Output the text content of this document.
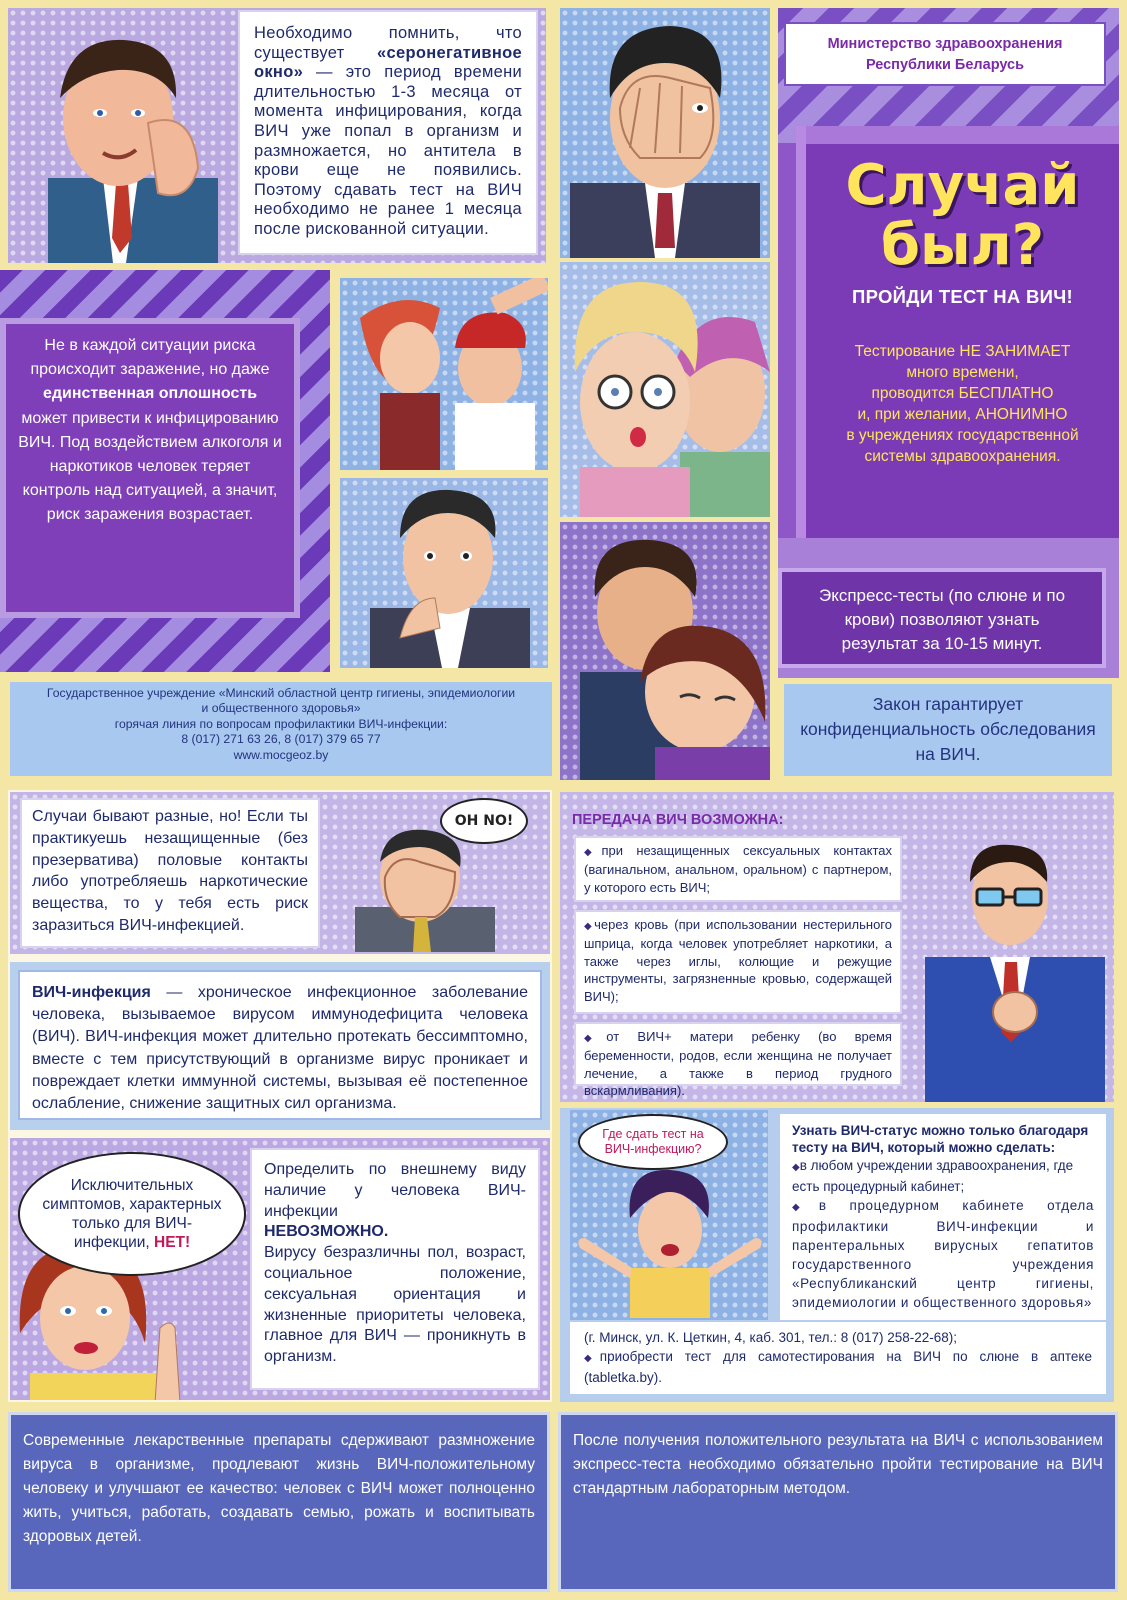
Необходимо помнить, что существует «серонегативное окно» — это период времени длительностью 1-3 месяца от момента инфицирования, когда ВИЧ уже попал в организм и размножается, но антитела в крови еще не появились. Поэтому сдавать тест на ВИЧ необходимо не ранее 1 месяца после рискованной ситуации.

Министерство здравоохранения
Республики Беларусь
Случай
был?
ПРОЙДИ ТЕСТ НА ВИЧ!
Тестирование НЕ ЗАНИМАЕТ
много времени,
проводится БЕСПЛАТНО
и, при желании, АНОНИМНО
в учреждениях государственной
системы здравоохранения.
Экспресс-тесты (по слюне и по крови) позволяют узнать результат за 10-15 минут.
Закон гарантирует конфиденциальность обследования на ВИЧ.
Не в каждой ситуации риска происходит заражение, но даже
единственная оплошность
может привести к инфицированию ВИЧ. Под воздействием алкоголя и наркотиков человек теряет контроль над ситуацией, а значит, риск заражения возрастает.
Государственное учреждение «Минский областной центр гигиены, эпидемиологии
и общественного здоровья»
горячая линия по вопросам профилактики ВИЧ-инфекции:
8 (017) 271 63 26, 8 (017) 379 65 77
www.mocgeoz.by

Случаи бывают разные, но! Если ты практикуешь незащищенные (без презерватива) половые контакты либо употребляешь наркотические вещества, то у тебя есть риск заразиться ВИЧ-инфекцией.

OH NO!

ВИЧ-инфекция — хроническое инфекционное заболевание человека, вызываемое вирусом иммунодефицита человека (ВИЧ). ВИЧ-инфекция может длительно протекать бессимптомно, вместе с тем присутствующий в организме вирус проникает и повреждает клетки иммунной системы, вызывая её постепенное ослабление, снижение защитных сил организма.

Исключительных симптомов, характерных только для ВИЧ-инфекции, НЕТ!

Определить по внешнему виду наличие у человека ВИЧ-инфекции
НЕВОЗМОЖНО.
Вирусу безразличны пол, возраст, социальное положение, сексуальная ориентация и жизненные приоритеты человека, главное для ВИЧ — проникнуть в организм.

ПЕРЕДАЧА ВИЧ ВОЗМОЖНА:
◆ при незащищенных сексуальных контактах (вагинальном, анальном, оральном) с партнером, у которого есть ВИЧ;
◆ через кровь (при использовании нестерильного шприца, когда человек употребляет наркотики, а также через иглы, колющие и режущие инструменты, загрязненные кровью, содержащей ВИЧ);
◆ от ВИЧ+ матери ребенку (во время беременности, родов, если женщина не получает лечение, а также в период грудного вскармливания).
Где сдать тест на ВИЧ-инфекцию?

Узнать ВИЧ-статус можно только благодаря тесту на ВИЧ, который можно сделать:

◆ в любом учреждении здравоохранения, где есть процедурный кабинет;

◆ в процедурном кабинете отдела профилактики ВИЧ-инфекции и парентеральных вирусных гепатитов государственного учреждения «Республиканский центр гигиены, эпидемиологии и общественного здоровья»

(г. Минск, ул. К. Цеткин, 4, каб. 301, тел.: 8 (017) 258-22-68);

◆ приобрести тест для самотестирования на ВИЧ по слюне в аптеке (tabletka.by).

Современные лекарственные препараты сдерживают размножение вируса в организме, продлевают жизнь ВИЧ-положительному человеку и улучшают ее качество: человек с ВИЧ может полноценно жить, учиться, работать, создавать семью, рожать и воспитывать здоровых детей.
После получения положительного результата на ВИЧ с использованием экспресс-теста необходимо обязательно пройти тестирование на ВИЧ стандартным лабораторным методом.
